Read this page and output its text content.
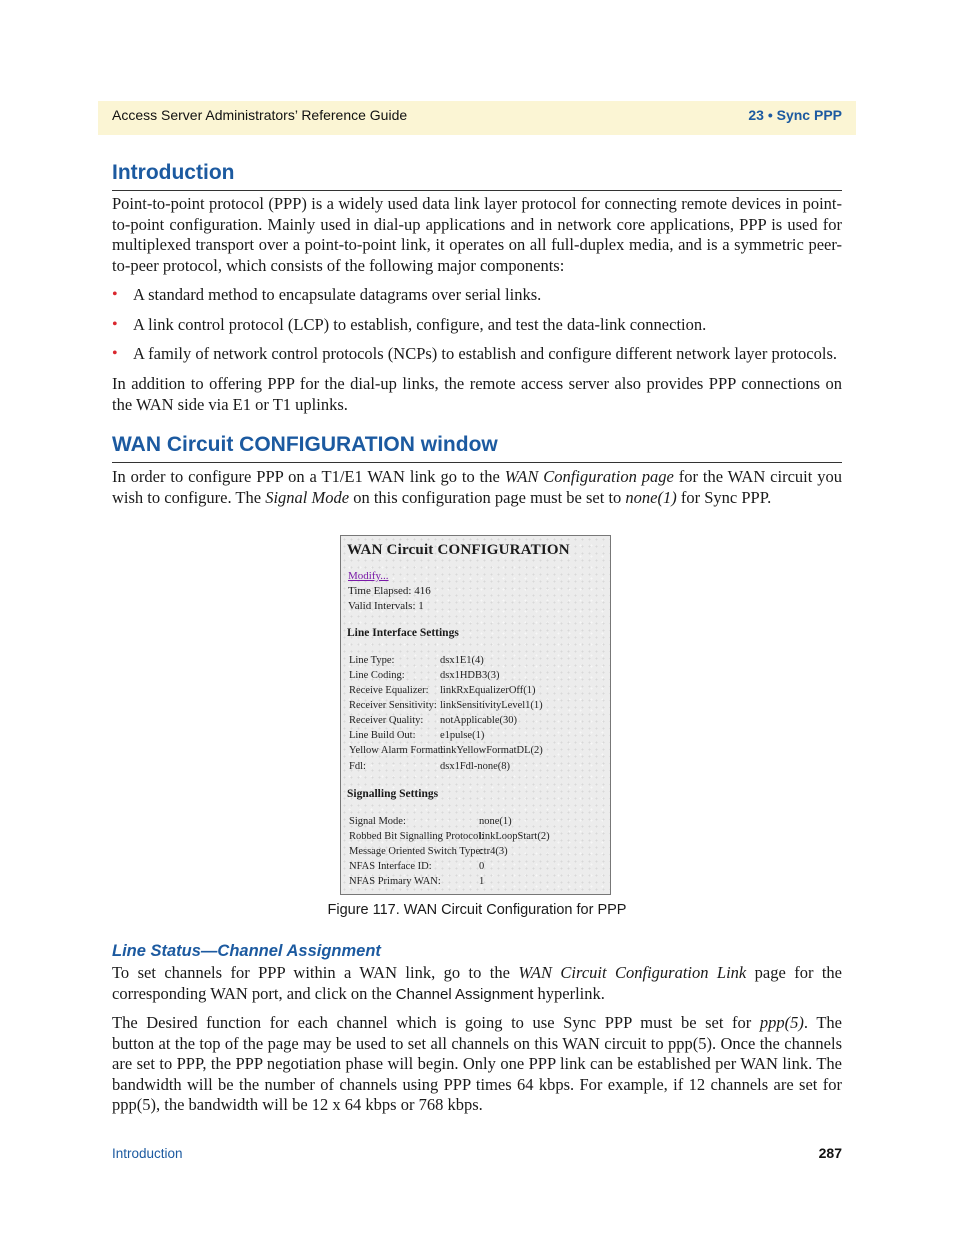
Access Server Administrators’ Reference Guide	23 • Sync PPP
Introduction

Point-to-point protocol (PPP) is a widely used data link layer protocol for connecting remote devices in point-to-point configuration. Mainly used in dial-up applications and in network core applications, PPP is used for multiplexed transport over a point-to-point link, it operates on all full-duplex media, and is a symmetric peer-to-peer protocol, which consists of the following major components:

• A standard method to encapsulate datagrams over serial links.
• A link control protocol (LCP) to establish, configure, and test the data-link connection.
• A family of network control protocols (NCPs) to establish and configure different network layer protocols.

In addition to offering PPP for the dial-up links, the remote access server also provides PPP connections on the WAN side via E1 or T1 uplinks.

WAN Circuit CONFIGURATION window

In order to configure PPP on a T1/E1 WAN link go to the WAN Configuration page for the WAN circuit you wish to configure. The Signal Mode on this configuration page must be set to none(1) for Sync PPP.

WAN Circuit CONFIGURATION
Modify...
Time Elapsed: 416
Valid Intervals: 1
Line Interface Settings
Line Type:	dsx1E1(4)
Line Coding:	dsx1HDB3(3)
Receive Equalizer: linkRxEqualizerOff(1)
Receiver Sensitivity: linkSensitivityLevel1(1)
Receiver Quality: notApplicable(30)
Line Build Out: e1pulse(1)
Yellow Alarm Format:
linkYellowFormatDL(2)
Fdl:	dsx1Fdl-none(8)
Signalling Settings
Signal Mode:	none(1)
Robbed Bit Signalling Protocol:
linkLoopStart(2)
Message Oriented Switch Type:
ctr4(3)
NFAS Interface ID:	0
NFAS Primary WAN:	1
Figure 117. WAN Circuit Configuration for PPP
Line Status—Channel Assignment

To set channels for PPP within a WAN link, go to the WAN Circuit Configuration Link page for the corresponding WAN port, and click on the Channel Assignment hyperlink.

The Desired function for each channel which is going to use Sync PPP must be set for ppp(5). The           button at the top of the page may be used to set all channels on this WAN circuit to ppp(5). Once the channels are set to PPP, the PPP negotiation phase will begin. Only one PPP link can be established per WAN link. The bandwidth will be the number of channels using PPP times 64 kbps. For example, if 12 channels are set for ppp(5), the bandwidth will be 12 x 64 kbps or 768 kbps.

Introduction	287
